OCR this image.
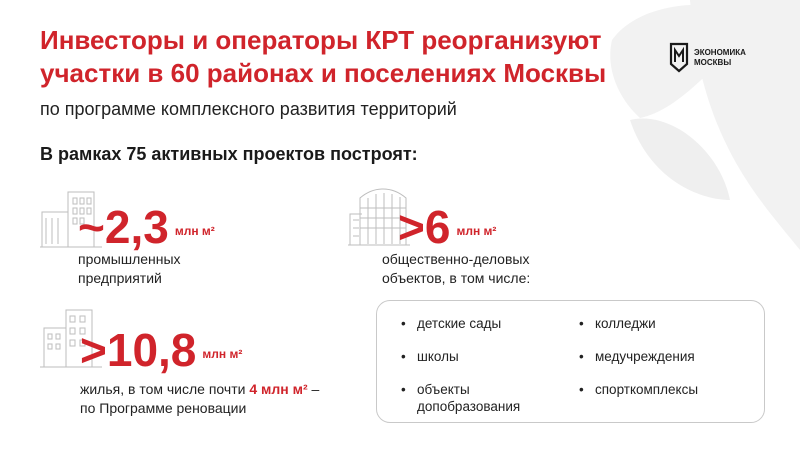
Инвесторы и операторы КРТ реорганизуют
участки в 60 районах и поселениях Москвы
по программе комплексного развития территорий
ЭКОНОМИКА
МОСКВЫ
В рамках 75 активных проектов построят:
~2,3 млн м²
промышленных
предприятий
>6 млн м²
общественно-деловых
объектов, в том числе:
>10,8 млн м²
жилья, в том числе почти 4 млн м² –
по Программе реновации
• детские сады
• школы
• объекты
допобразования
• колледжи
• медучреждения
• спорткомплексы
